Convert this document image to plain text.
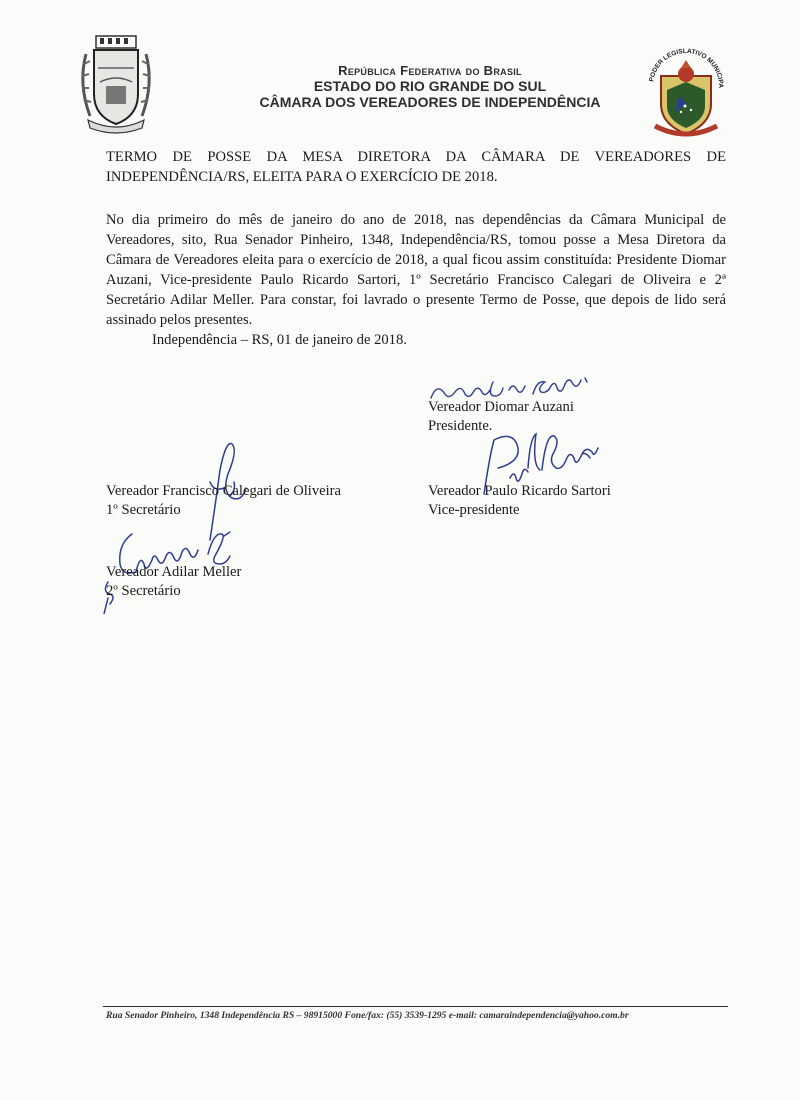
República Federativa do Brasil
ESTADO DO RIO GRANDE DO SUL
CÂMARA DOS VEREADORES DE INDEPENDÊNCIA
PODER LEGISLATIVO MUNICIPA
TERMO DE POSSE DA MESA DIRETORA DA CÂMARA DE VEREADORES DE INDEPENDÊNCIA/RS, ELEITA PARA O EXERCÍCIO DE 2018.

No dia primeiro do mês de janeiro do ano de 2018, nas dependências da Câmara Municipal de Vereadores, sito, Rua Senador Pinheiro, 1348, Independência/RS, tomou posse a Mesa Diretora da Câmara de Vereadores eleita para o exercício de 2018, a qual ficou assim constituída: Presidente Diomar Auzani, Vice-presidente Paulo Ricardo Sartori, 1º Secretário Francisco Calegari de Oliveira e 2ª Secretário Adilar Meller. Para constar, foi lavrado o presente Termo de Posse, que depois de lido será assinado pelos presentes.

Independência – RS, 01 de janeiro de 2018.
Vereador Diomar Auzani
Presidente.
Vereador Paulo Ricardo Sartori
Vice-presidente
Vereador Francisco Calegari de Oliveira
1º Secretário
Vereador Adilar Meller
2º Secretário
Rua Senador Pinheiro, 1348 Independência RS – 98915000 Fone/fax: (55) 3539-1295 e-mail: camaraindependencia@yahoo.com.br
